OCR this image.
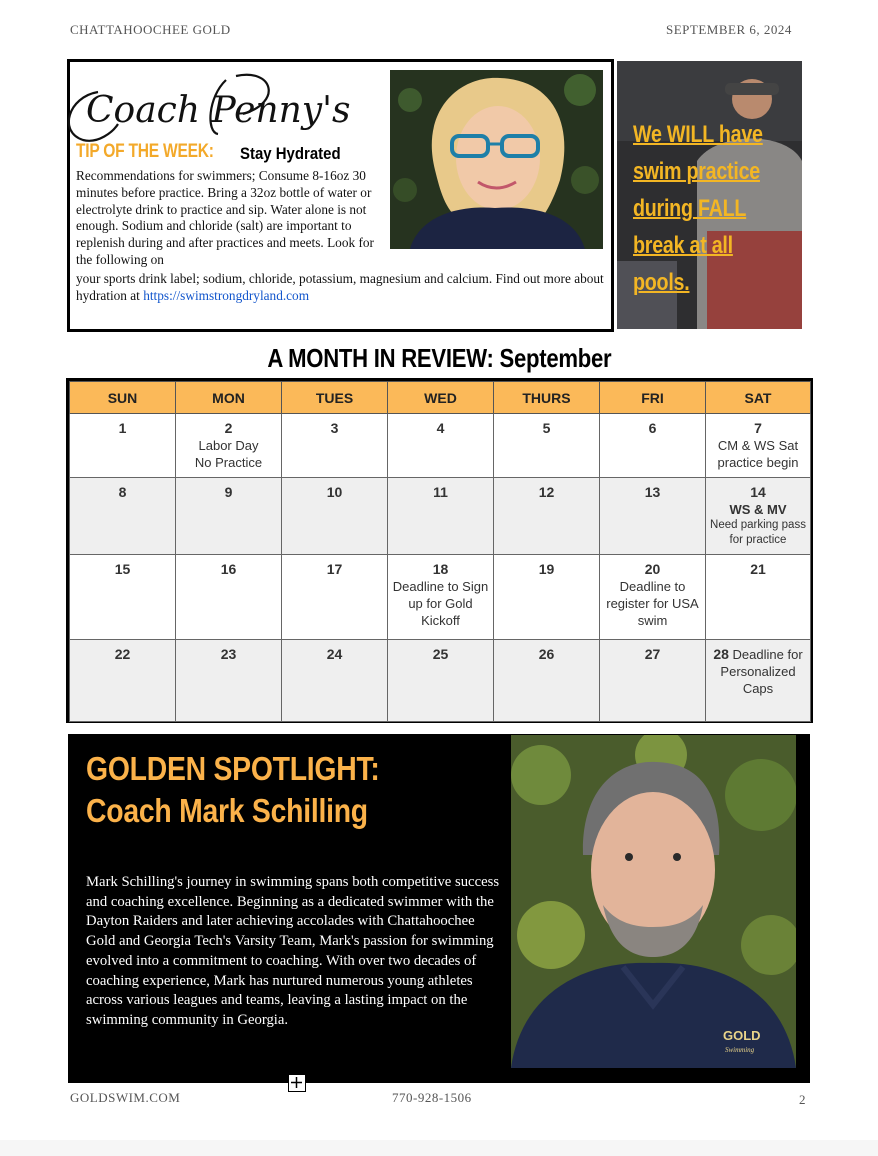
CHATTAHOOCHEE GOLD	SEPTEMBER 6, 2024
Coach Penny's
TIP OF THE WEEK: Stay Hydrated
Recommendations for swimmers; Consume 8-16oz 30 minutes before practice. Bring a 32oz bottle of water or electrolyte drink to practice and sip. Water alone is not enough. Sodium and chloride (salt) are important to replenish during and after practices and meets. Look for the following on
your sports drink label; sodium, chloride, potassium, magnesium and calcium. Find out more about hydration at https://swimstrongdryland.com
We WILL have swim practice during FALL break at all pools.
A MONTH IN REVIEW: September
SUN	MON	TUES	WED	THURS	FRI	SAT

1	2
Labor Day
No Practice	3	4	5	6	7
CM & WS Sat practice begin

8	9	10	11	12	13	14
WS & MV
Need parking pass for practice

15	16	17	18
Deadline to Sign up for Gold Kickoff	19	20
Deadline to register for USA swim	21

22	23	24	25	26	27	28 Deadline for Personalized Caps
GOLDEN SPOTLIGHT:
Coach Mark Schilling
Mark Schilling's journey in swimming spans both competitive success and coaching excellence. Beginning as a dedicated swimmer with the Dayton Raiders and later achieving accolades with Chattahoochee Gold and Georgia Tech's Varsity Team, Mark's passion for swimming evolved into a commitment to coaching. With over two decades of coaching experience, Mark has nurtured numerous young athletes across various leagues and teams, leaving a lasting impact on the swimming community in Georgia.
GOLD
Swimming
GOLDSWIM.COM	770-928-1506	2
